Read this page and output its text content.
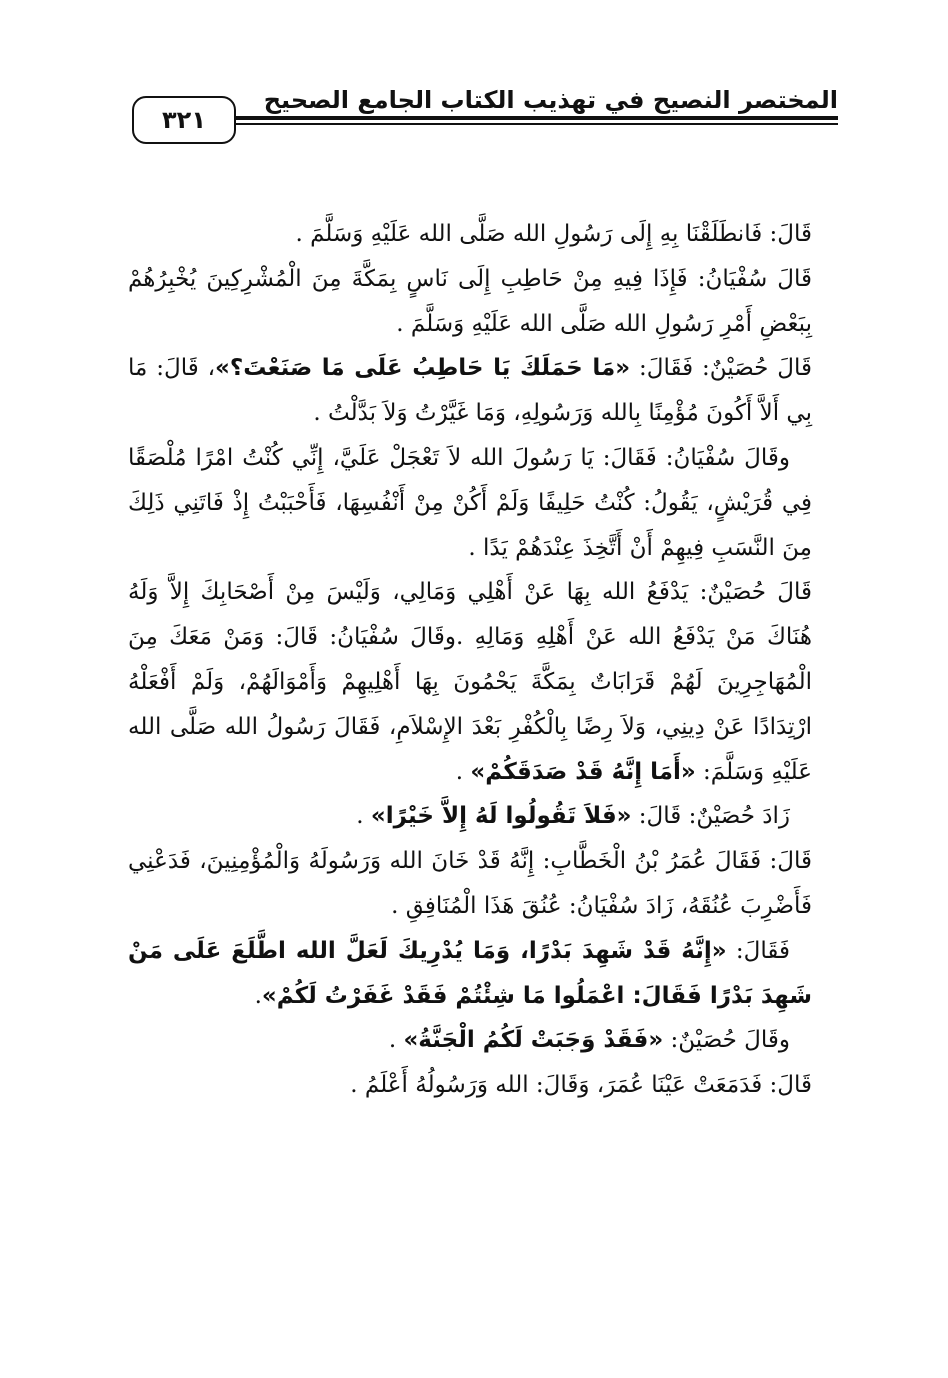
المختصر النصيح في تهذيب الكتاب الجامع الصحيح
٣٢١

قَالَ: فَانطَلَقْنَا بِهِ إِلَى رَسُولِ الله صَلَّى الله عَلَيْهِ وَسَلَّمَ .

قَالَ سُفْيَانُ: فَإِذَا فِيهِ مِنْ حَاطِبِ إِلَى نَاسٍ بِمَكَّةَ مِنَ الْمُشْرِكِينَ يُخْبِرُهُمْ بِبَعْضِ أَمْرِ رَسُولِ الله صَلَّى الله عَلَيْهِ وَسَلَّمَ .

قَالَ حُصَيْنٌ: فَقَالَ: «مَا حَمَلَكَ يَا حَاطِبُ عَلَى مَا صَنَعْتَ؟»، قَالَ: مَا بِي أَلاَّ أَكُونَ مُؤْمِنًا بِالله وَرَسُولِهِ، وَمَا غَيَّرْتُ وَلاَ بَدَّلْتُ .

وقَالَ سُفْيَانُ: فَقَالَ: يَا رَسُولَ الله لاَ تَعْجَلْ عَلَيَّ، إِنِّي كُنْتُ امْرًا مُلْصَقًا فِي قُرَيْشٍ، يَقُولُ: كُنْتُ حَلِيفًا وَلَمْ أَكُنْ مِنْ أَنْفُسِهَا، فَأَحْبَبْتُ إِذْ فَاتَنِي ذَلِكَ مِنَ النَّسَبِ فِيهِمْ أَنْ أَتَّخِذَ عِنْدَهُمْ يَدًا .

قَالَ حُصَيْنٌ: يَدْفَعُ الله بِهَا عَنْ أَهْلِي وَمَالِي، وَلَيْسَ مِنْ أَصْحَابِكَ إِلاَّ وَلَهُ هُنَاكَ مَنْ يَدْفَعُ الله عَنْ أَهْلِهِ وَمَالِهِ .وقَالَ سُفْيَانُ: قَالَ: وَمَنْ مَعَكَ مِنَ الْمُهَاجِرِينَ لَهُمْ قَرَابَاتٌ بِمَكَّةَ يَحْمُونَ بِهَا أَهْلِيهِمْ وَأَمْوَالَهُمْ، وَلَمْ أَفْعَلْهُ ارْتِدَادًا عَنْ دِينِي، وَلاَ رِضًا بِالْكُفْرِ بَعْدَ الإِسْلاَمِ، فَقَالَ رَسُولُ الله صَلَّى الله عَلَيْهِ وَسَلَّمَ: «أَمَا إِنَّهُ قَدْ صَدَقَكُمْ» .

زَادَ حُصَيْنٌ: قَالَ: «فَلاَ تَقُولُوا لَهُ إِلاَّ خَيْرًا» .

قَالَ: فَقَالَ عُمَرُ بْنُ الْخَطَّابِ: إِنَّهُ قَدْ خَانَ الله وَرَسُولَهُ وَالْمُؤْمِنِينَ، فَدَعْنِي فَأَضْرِبَ عُنُقَهُ، زَادَ سُفْيَانُ: عُنُقَ هَذَا الْمُنَافِقِ .

فَقَالَ: «إِنَّهُ قَدْ شَهِدَ بَدْرًا، وَمَا يُدْرِيكَ لَعَلَّ الله اطَّلَعَ عَلَى مَنْ شَهِدَ بَدْرًا فَقَالَ: اعْمَلُوا مَا شِئْتُمْ فَقَدْ غَفَرْتُ لَكُمْ».

وقَالَ حُصَيْنٌ: «فَقَدْ وَجَبَتْ لَكُمُ الْجَنَّةُ» .

قَالَ: فَدَمَعَتْ عَيْنَا عُمَرَ، وَقَالَ: الله وَرَسُولُهُ أَعْلَمُ .
